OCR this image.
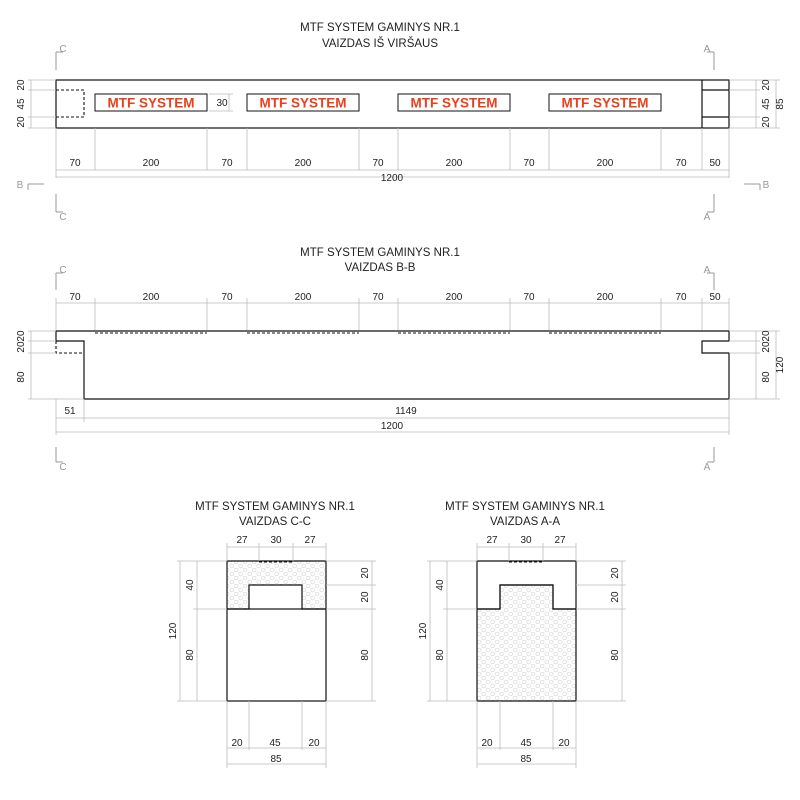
MTF SYSTEM GAMINYS NR.1
VAIZDAS IŠ VIRŠAUS
C
C
A
A
B	B
MTF SYSTEM	MTF SYSTEM	MTF SYSTEM	MTF SYSTEM
30
70	200	70	200	70	200	70	200	70 50
1200
20
45
20
20
45
20
85
MTF SYSTEM GAMINYS NR.1
VAIZDAS B-B
C
C
A
A
70	200	70	200	70	200	70	200	70 50
20
20
80
20
20
80
120
51	1149
1200
MTF SYSTEM GAMINYS NR.1
VAIZDAS C-C
27 30 27
40
80
120
20
20
80
20	45	20
85
MTF SYSTEM GAMINYS NR.1
VAIZDAS A-A
27 30 27
40
80
120
20
20
80
20	45	20
85
